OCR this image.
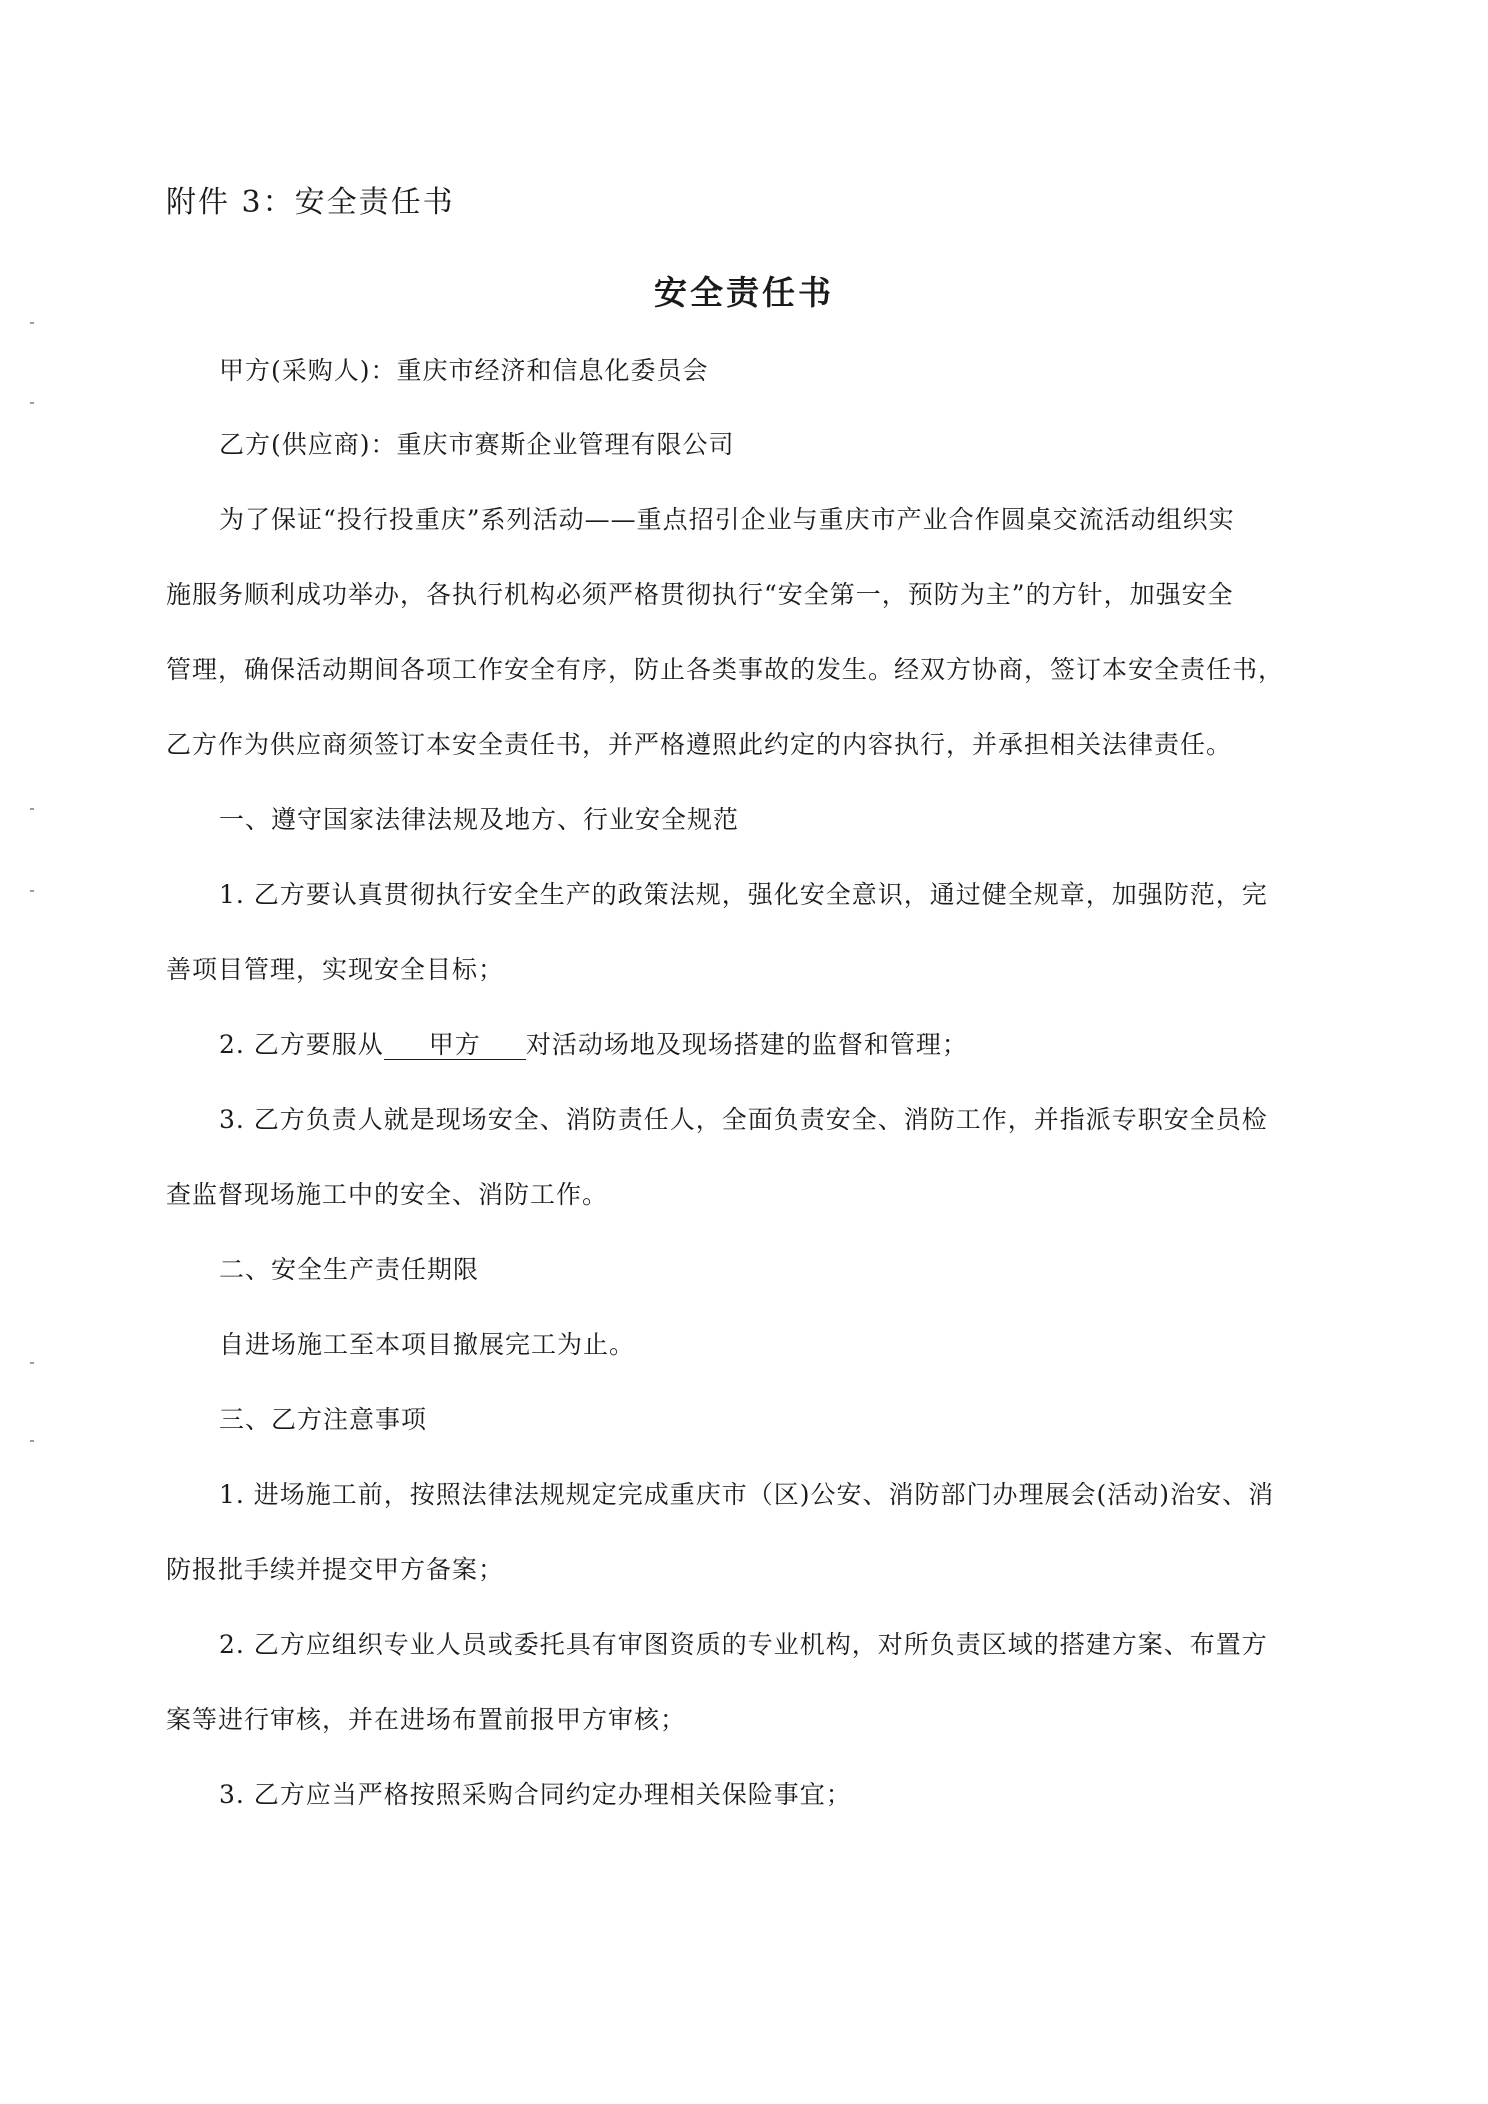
附件 3：安全责任书
安全责任书
甲方(采购人)：重庆市经济和信息化委员会
乙方(供应商)：重庆市赛斯企业管理有限公司
为了保证“投行投重庆”系列活动——重点招引企业与重庆市产业合作圆桌交流活动组织实
施服务顺利成功举办，各执行机构必须严格贯彻执行“安全第一，预防为主”的方针，加强安全
管理，确保活动期间各项工作安全有序，防止各类事故的发生。经双方协商，签订本安全责任书，
乙方作为供应商须签订本安全责任书，并严格遵照此约定的内容执行，并承担相关法律责任。
一、遵守国家法律法规及地方、行业安全规范
1. 乙方要认真贯彻执行安全生产的政策法规，强化安全意识，通过健全规章，加强防范，完
善项目管理，实现安全目标；
2. 乙方要服从 甲方 对活动场地及现场搭建的监督和管理；
3. 乙方负责人就是现场安全、消防责任人，全面负责安全、消防工作，并指派专职安全员检
查监督现场施工中的安全、消防工作。
二、安全生产责任期限
自进场施工至本项目撤展完工为止。
三、乙方注意事项
1. 进场施工前，按照法律法规规定完成重庆市（区)公安、消防部门办理展会(活动)治安、消
防报批手续并提交甲方备案；
2. 乙方应组织专业人员或委托具有审图资质的专业机构，对所负责区域的搭建方案、布置方
案等进行审核，并在进场布置前报甲方审核；
3. 乙方应当严格按照采购合同约定办理相关保险事宜；
